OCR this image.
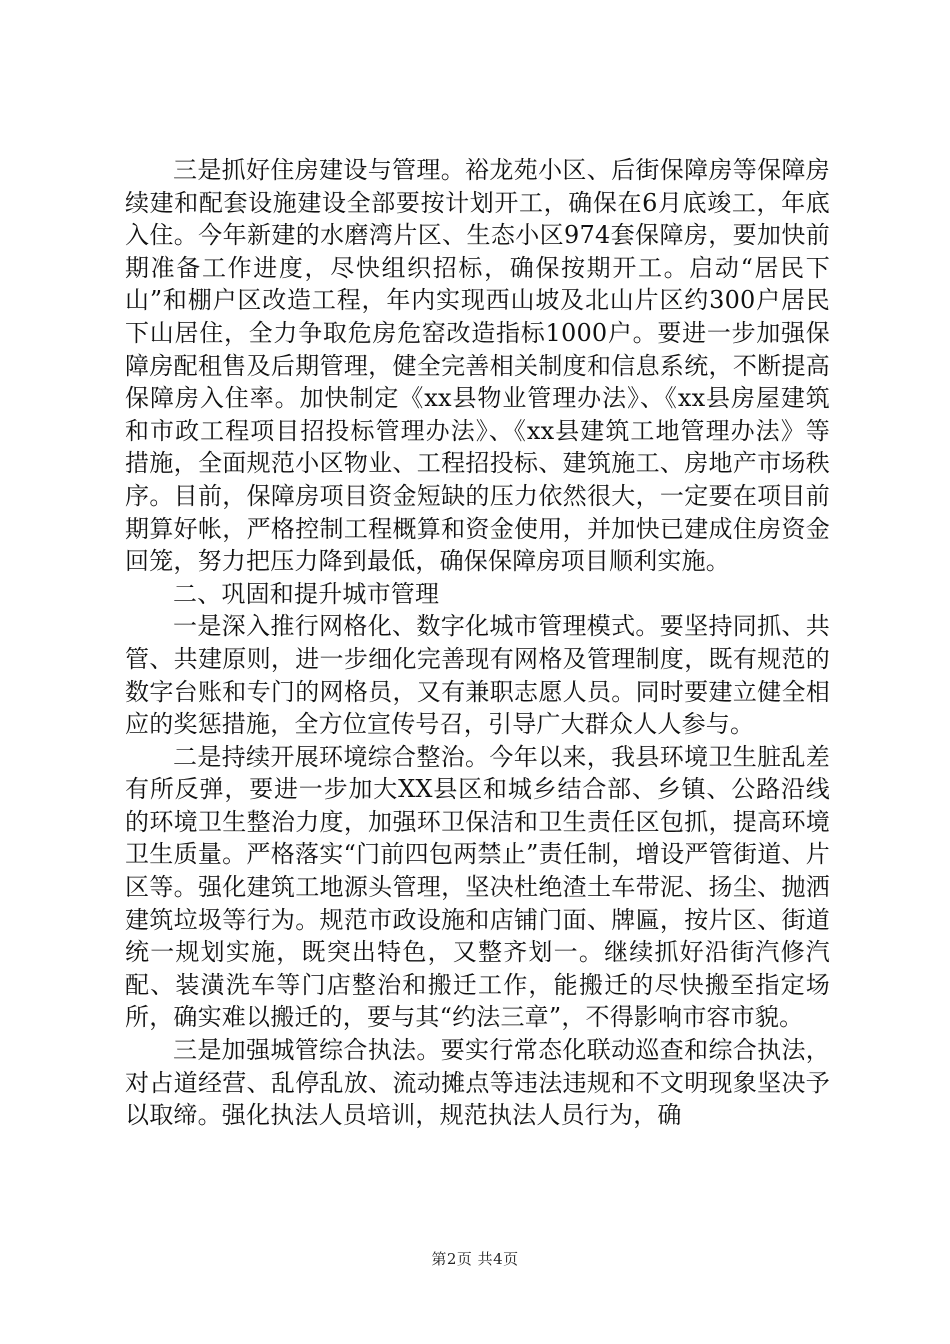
三是抓好住房建设与管理。裕龙苑小区、后街保障房等保障房续建和配套设施建设全部要按计划开工，确保在6月底竣工，年底入住。今年新建的水磨湾片区、生态小区974套保障房，要加快前期准备工作进度，尽快组织招标，确保按期开工。启动“居民下山”和棚户区改造工程，年内实现西山坡及北山片区约300户居民下山居住，全力争取危房危窑改造指标1000户。要进一步加强保障房配租售及后期管理，健全完善相关制度和信息系统，不断提高保障房入住率。加快制定《xx县物业管理办法》、《xx县房屋建筑和市政工程项目招投标管理办法》、《xx县建筑工地管理办法》等措施，全面规范小区物业、工程招投标、建筑施工、房地产市场秩序。目前，保障房项目资金短缺的压力依然很大，一定要在项目前期算好帐，严格控制工程概算和资金使用，并加快已建成住房资金回笼，努力把压力降到最低，确保保障房项目顺利实施。

二、巩固和提升城市管理

一是深入推行网格化、数字化城市管理模式。要坚持同抓、共管、共建原则，进一步细化完善现有网格及管理制度，既有规范的数字台账和专门的网格员，又有兼职志愿人员。同时要建立健全相应的奖惩措施，全方位宣传号召，引导广大群众人人参与。

二是持续开展环境综合整治。今年以来，我县环境卫生脏乱差有所反弹，要进一步加大XX县区和城乡结合部、乡镇、公路沿线的环境卫生整治力度，加强环卫保洁和卫生责任区包抓，提高环境卫生质量。严格落实“门前四包两禁止”责任制，增设严管街道、片区等。强化建筑工地源头管理，坚决杜绝渣土车带泥、扬尘、抛洒建筑垃圾等行为。规范市政设施和店铺门面、牌匾，按片区、街道统一规划实施，既突出特色，又整齐划一。继续抓好沿街汽修汽配、装潢洗车等门店整治和搬迁工作，能搬迁的尽快搬至指定场所，确实难以搬迁的，要与其“约法三章”，不得影响市容市貌。

三是加强城管综合执法。要实行常态化联动巡查和综合执法，对占道经营、乱停乱放、流动摊点等违法违规和不文明现象坚决予以取缔。强化执法人员培训，规范执法人员行为，确

第2页 共4页
